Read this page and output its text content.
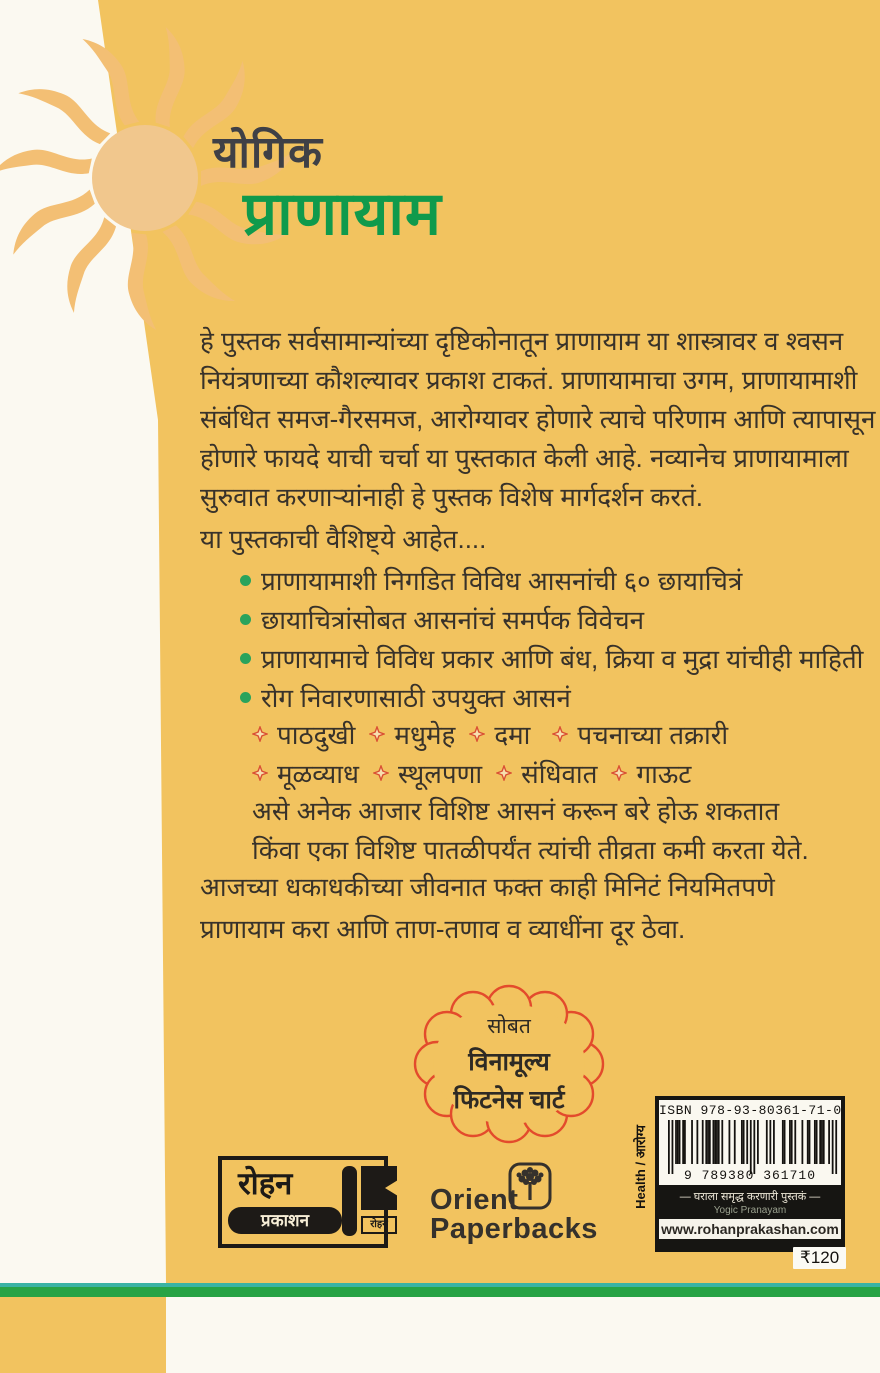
योगिक
प्राणायाम
हे पुस्तक सर्वसामान्यांच्या दृष्टिकोनातून प्राणायाम या शास्त्रावर व श्वसन
नियंत्रणाच्या कौशल्यावर प्रकाश टाकतं. प्राणायामाचा उगम, प्राणायामाशी
संबंधित समज-गैरसमज, आरोग्यावर होणारे त्याचे परिणाम आणि त्यापासून
होणारे फायदे याची चर्चा या पुस्तकात केली आहे. नव्यानेच प्राणायामाला
सुरुवात करणाऱ्यांनाही हे पुस्तक विशेष मार्गदर्शन करतं.
या पुस्तकाची वैशिष्ट्ये आहेत....
प्राणायामाशी निगडित विविध आसनांची ६० छायाचित्रं
छायाचित्रांसोबत आसनांचं समर्पक विवेचन
प्राणायामाचे विविध प्रकार आणि बंध, क्रिया व मुद्रा यांचीही माहिती
रोग निवारणासाठी उपयुक्त आसनं
पाठदुखी मधुमेह दमा पचनाच्या तक्रारी
मूळव्याध स्थूलपणा संधिवात गाऊट
असे अनेक आजार विशिष्ट आसनं करून बरे होऊ शकतात
किंवा एका विशिष्ट पातळीपर्यंत त्यांची तीव्रता कमी करता येते.
आजच्या धकाधकीच्या जीवनात फक्त काही मिनिटं नियमितपणे
प्राणायाम करा आणि ताण-तणाव व व्याधींना दूर ठेवा.
सोबत
विनामूल्य
फिटनेस चार्ट
रोहन
प्रकाशन	रोहन
Orient
Paperbacks
ISBN 978-93-80361-71-0
9 789380 361710
— घराला समृद्ध करणारी पुस्तकं —
Yogic Pranayam
www.rohanprakashan.com
Health / आरोग्य
₹120
